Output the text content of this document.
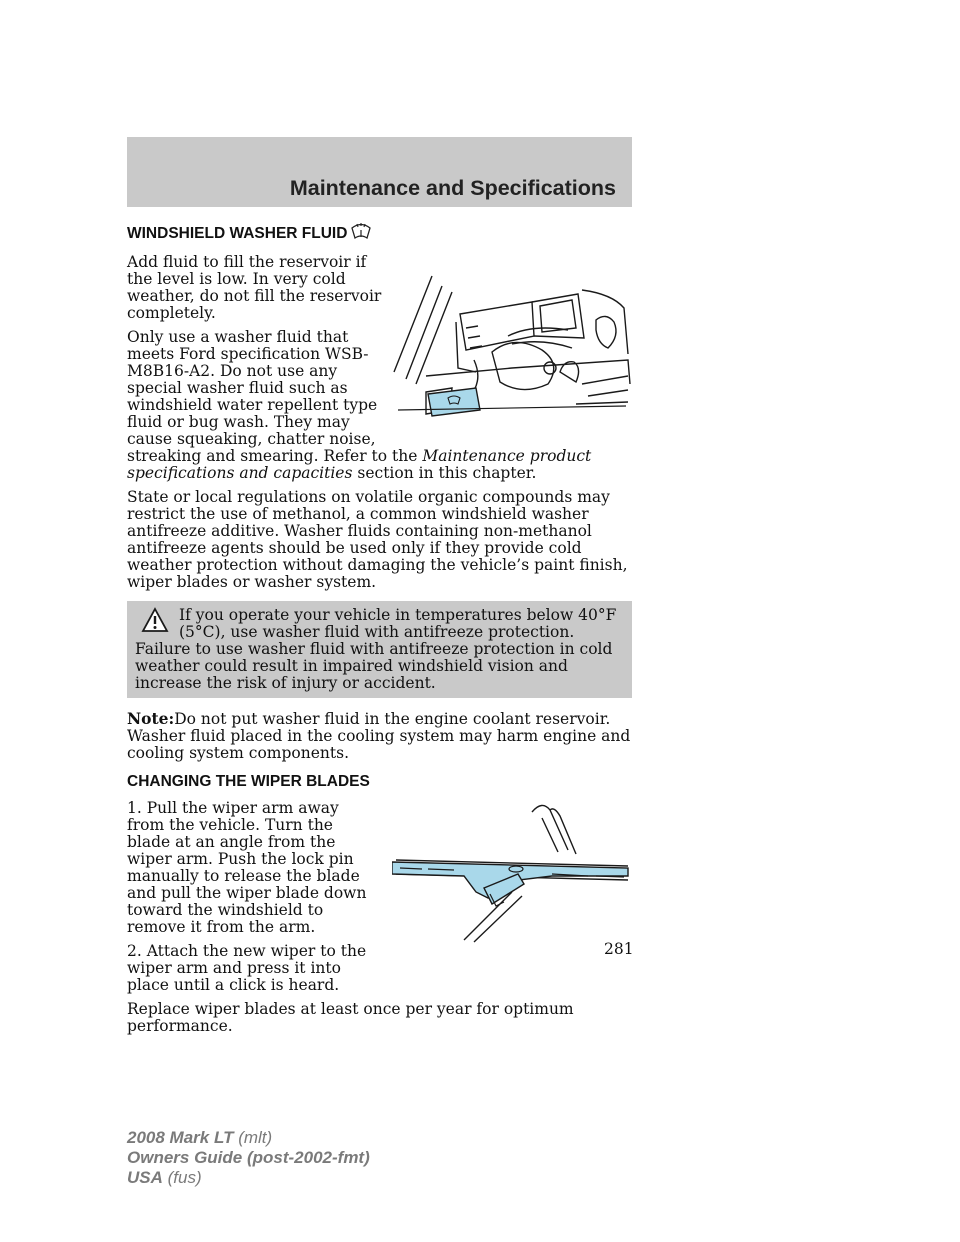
Maintenance and Specifications
WINDSHIELD WASHER FLUID

Add fluid to fill the reservoir if the level is low. In very cold weather, do not fill the reservoir completely.

Only use a washer fluid that meets Ford specification WSB-M8B16-A2. Do not use any special washer fluid such as windshield water repellent type fluid or bug wash. They may cause squeaking, chatter noise, streaking and smearing. Refer to the Maintenance product specifications and capacities section in this chapter.

State or local regulations on volatile organic compounds may restrict the use of methanol, a common windshield washer antifreeze additive. Washer fluids containing non-methanol antifreeze agents should be used only if they provide cold weather protection without damaging the vehicle’s paint finish, wiper blades or washer system.

If you operate your vehicle in temperatures below 40°F (5°C), use washer fluid with antifreeze protection. Failure to use washer fluid with antifreeze protection in cold weather could result in impaired windshield vision and increase the risk of injury or accident.

Note:Do not put washer fluid in the engine coolant reservoir. Washer fluid placed in the cooling system may harm engine and cooling system components.

CHANGING THE WIPER BLADES

1. Pull the wiper arm away from the vehicle. Turn the blade at an angle from the wiper arm. Push the lock pin manually to release the blade and pull the wiper blade down toward the windshield to remove it from the arm.

2. Attach the new wiper to the wiper arm and press it into place until a click is heard.

Replace wiper blades at least once per year for optimum performance.

281
2008 Mark LT (mlt)
Owners Guide (post-2002-fmt)
USA (fus)
